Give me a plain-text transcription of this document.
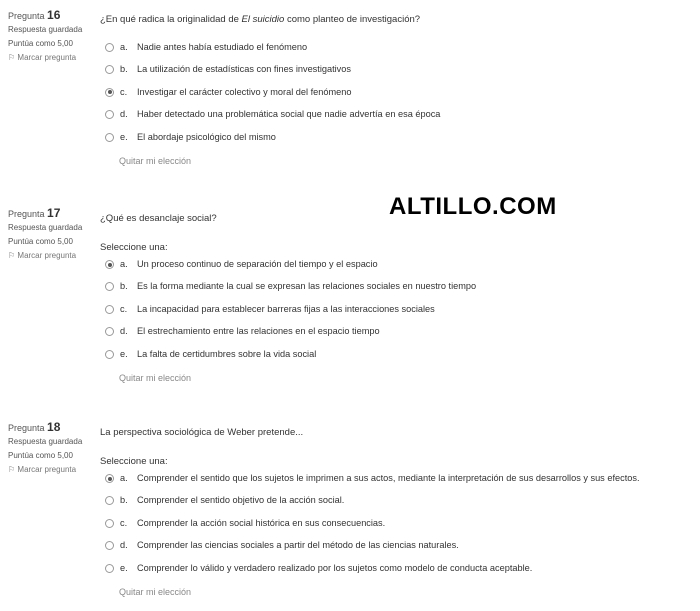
ALTILLO.COM
Pregunta 16
Respuesta guardada
Puntúa como 5,00
⚐ Marcar pregunta
¿En qué radica la originalidad de El suicidio como planteo de investigación?
a. Nadie antes había estudiado el fenómeno
b. La utilización de estadísticas con fines investigativos
c. Investigar el carácter colectivo y moral del fenómeno
d. Haber detectado una problemática social que nadie advertía en esa época
e. El abordaje psicológico del mismo
Quitar mi elección
Pregunta 17
Respuesta guardada
Puntúa como 5,00
⚐ Marcar pregunta
¿Qué es desanclaje social?
Seleccione una:
a. Un proceso continuo de separación del tiempo y el espacio
b. Es la forma mediante la cual se expresan las relaciones sociales en nuestro tiempo
c. La incapacidad para establecer barreras fijas a las interacciones sociales
d. El estrechamiento entre las relaciones en el espacio tiempo
e. La falta de certidumbres sobre la vida social
Quitar mi elección
Pregunta 18
Respuesta guardada
Puntúa como 5,00
⚐ Marcar pregunta
La perspectiva sociológica de Weber pretende...
Seleccione una:
a. Comprender el sentido que los sujetos le imprimen a sus actos, mediante la interpretación de sus desarrollos y sus efectos.
b. Comprender el sentido objetivo de la acción social.
c. Comprender la acción social histórica en sus consecuencias.
d. Comprender las ciencias sociales a partir del método de las ciencias naturales.
e. Comprender lo válido y verdadero realizado por los sujetos como modelo de conducta aceptable.
Quitar mi elección
